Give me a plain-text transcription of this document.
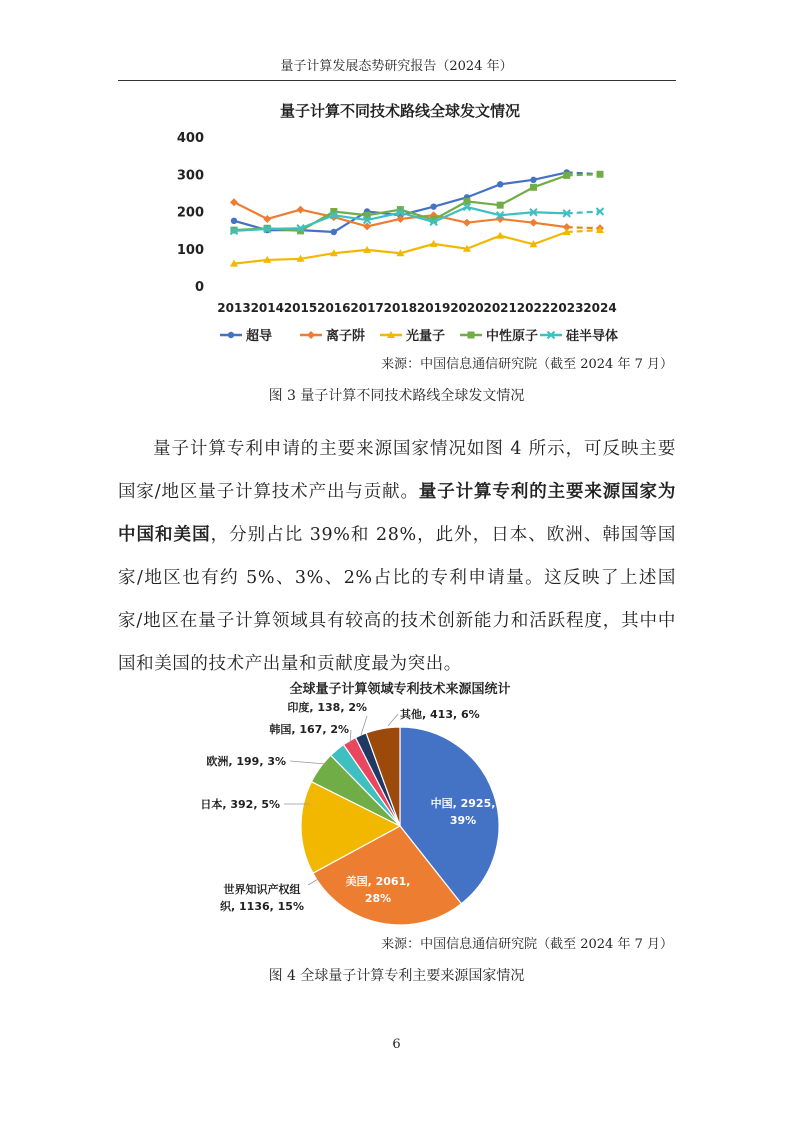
量子计算发展态势研究报告（2024 年）
量子计算不同技术路线全球发文情况
0
100
200
300
400
2013 2014 2015 2016 2017 2018 2019 2020 2021 2022 2023 2024
超导	离子阱	光量子	中性原子 硅半导体
来源：中国信息通信研究院（截至 2024 年 7 月）
图 3 量子计算不同技术路线全球发文情况
量子计算专利申请的主要来源国家情况如图 4 所示，可反映主要国家/地区量子计算技术产出与贡献。量子计算专利的主要来源国家为中国和美国，分别占比 39%和 28%，此外，日本、欧洲、韩国等国家/地区也有约 5%、3%、2%占比的专利申请量。这反映了上述国家/地区在量子计算领域具有较高的技术创新能力和活跃程度，其中中国和美国的技术产出量和贡献度最为突出。
全球量子计算领域专利技术来源国统计
中国, 2925,
39%
美国, 2061,
28%
世界知识产权组
织, 1136, 15%
日本, 392, 5%
欧洲, 199, 3%
韩国, 167, 2%
印度, 138, 2%
其他, 413, 6%
来源：中国信息通信研究院（截至 2024 年 7 月）
图 4 全球量子计算专利主要来源国家情况
6
